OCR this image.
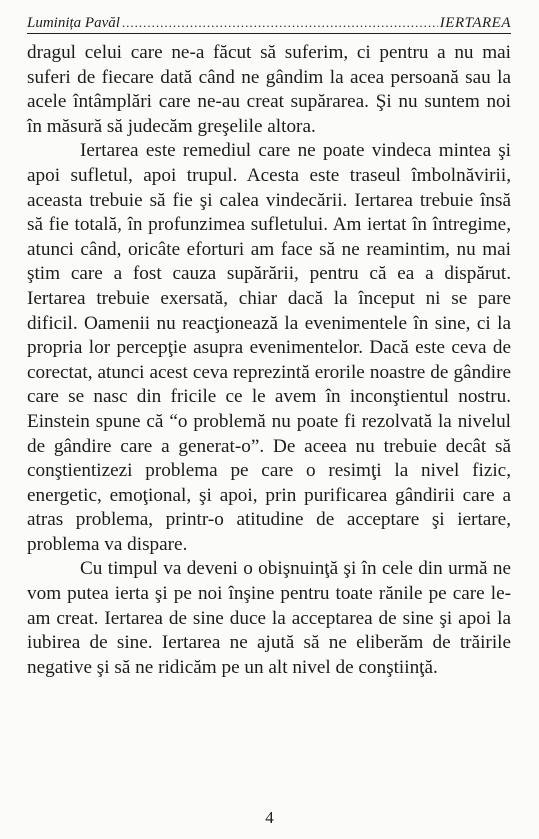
Luminița Pavăl
.....	IERTAREA

dragul celui care ne-a făcut să suferim, ci pentru a nu mai suferi de fiecare dată când ne gândim la acea persoană sau la acele întâmplări care ne-au creat supărarea. Şi nu suntem noi în măsură să judecăm greşelile altora.

Iertarea este remediul care ne poate vindeca mintea şi apoi sufletul, apoi trupul. Acesta este traseul îmbolnăvirii, aceasta trebuie să fie şi calea vindecării. Iertarea trebuie însă să fie totală, în profunzimea sufletului. Am iertat în întregime, atunci când, oricâte eforturi am face să ne reamintim, nu mai ştim care a fost cauza supărării, pentru că ea a dispărut. Iertarea trebuie exersată, chiar dacă la început ni se pare dificil. Oamenii nu reacţionează la evenimentele în sine, ci la propria lor percepţie asupra evenimentelor. Dacă este ceva de corectat, atunci acest ceva reprezintă erorile noastre de gândire care se nasc din fricile ce le avem în inconştientul nostru. Einstein spune că “o problemă nu poate fi rezolvată la nivelul de gândire care a generat-o”. De aceea nu trebuie decât să conştientizezi problema pe care o resimţi la nivel fizic, energetic, emoţional, şi apoi, prin purificarea gândirii care a atras problema, printr-o atitudine de acceptare şi iertare, problema va dispare.

Cu timpul va deveni o obişnuinţă şi în cele din urmă ne vom putea ierta şi pe noi înşine pentru toate rănile pe care le-am creat. Iertarea de sine duce la acceptarea de sine şi apoi la iubirea de sine. Iertarea ne ajută să ne eliberăm de trăirile negative şi să ne ridicăm pe un alt nivel de conştiinţă.

4
